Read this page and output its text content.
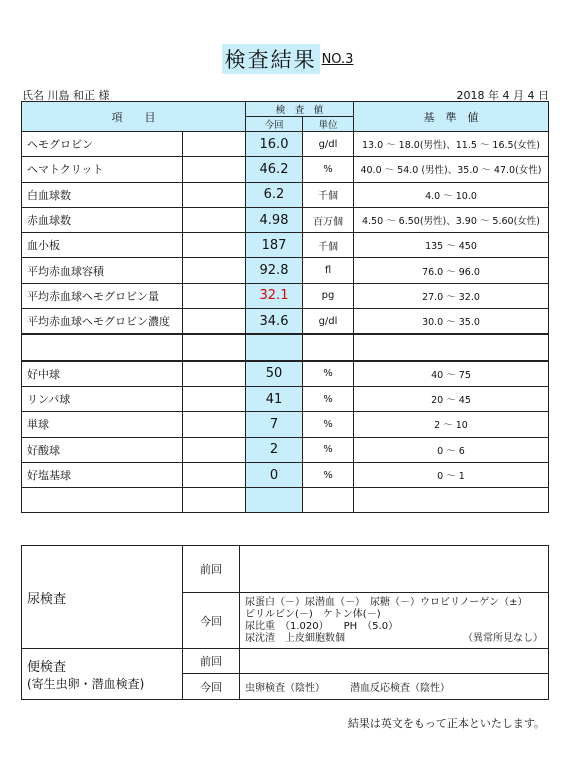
検査結果 NO.3
氏名 川島 和正 様	2018 年 4 月 4 日
項　　目		検　査　値		基　準　値
		今回	単位	
ヘモグロビン		16.0	g/dl	13.0 ～ 18.0(男性)、11.5 ～ 16.5(女性)
ヘマトクリット		46.2	%	40.0 ～ 54.0 (男性)、35.0 ～ 47.0(女性)
白血球数		6.2	千個	4.0 ～ 10.0
赤血球数		4.98	百万個	4.50 ～ 6.50(男性)、3.90 ～ 5.60(女性)
血小板		187	千個	135 ～ 450
平均赤血球容積		92.8	fl	76.0 ～ 96.0
平均赤血球ヘモグロビン量		32.1	pg	27.0 ～ 32.0
平均赤血球ヘモグロビン濃度		34.6	g/dl	30.0 ～ 35.0

好中球		50	%	40 ～ 75
リンパ球		41	%	20 ～ 45
単球		7	%	2 ～ 10
好酸球		2	%	0 ～ 6
好塩基球		0	%	0 ～ 1

尿検査	前回	
	今回	尿蛋白（－）尿潜血（－）　尿糖（－）ウロビリノーゲン（±）
ビリルビン(－)　ケトン体(－)
尿比重　（1.020）　　PH　（5.0）
尿沈渣　上皮細胞数個 （異常所見なし）

便検査
(寄生虫卵・潜血検査)	前回	
	今回	虫卵検査（陰性）　　　潜血反応検査（陰性）
結果は英文をもって正本といたします。
